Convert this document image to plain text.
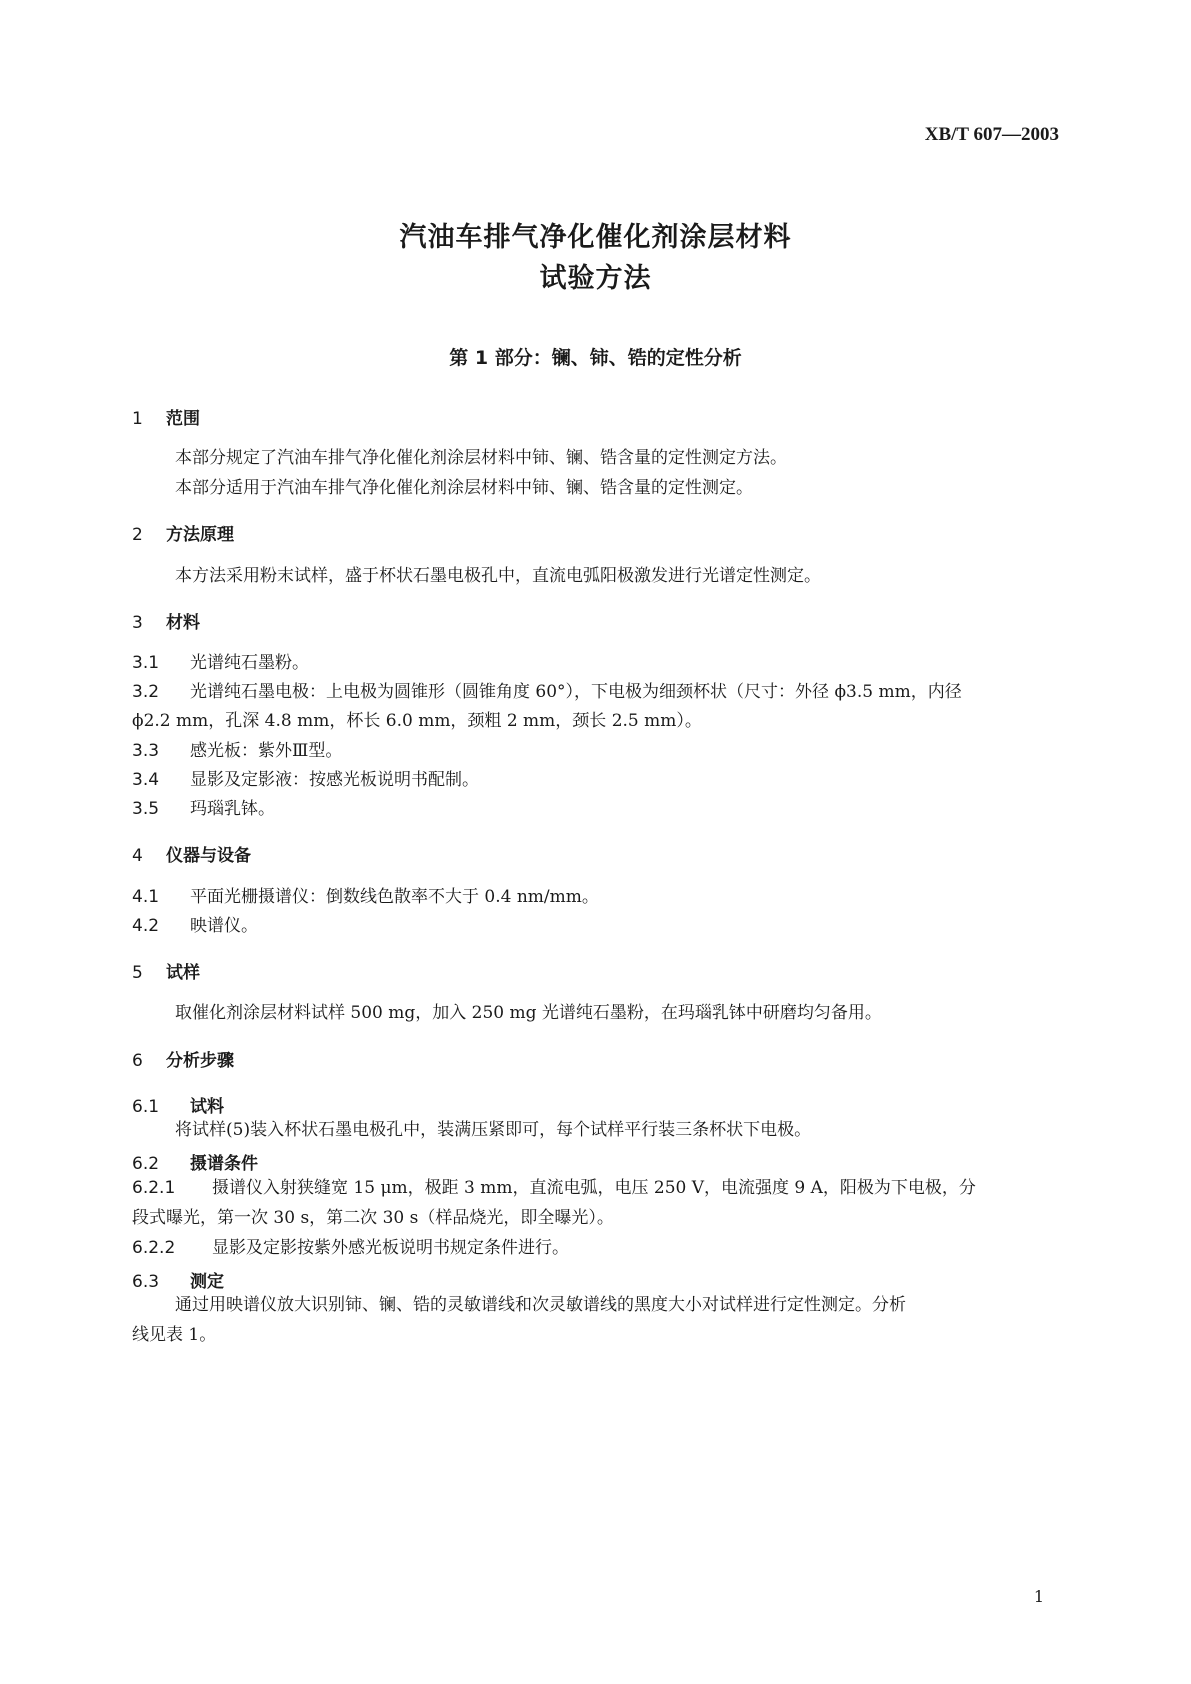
XB/T 607—2003
汽油车排气净化催化剂涂层材料
试验方法
第 1 部分：镧、铈、锆的定性分析
1 范围
本部分规定了汽油车排气净化催化剂涂层材料中铈、镧、锆含量的定性测定方法。
本部分适用于汽油车排气净化催化剂涂层材料中铈、镧、锆含量的定性测定。
2 方法原理
本方法采用粉末试样，盛于杯状石墨电极孔中，直流电弧阳极激发进行光谱定性测定。
3 材料
3.1 光谱纯石墨粉。
3.2 光谱纯石墨电极：上电极为圆锥形（圆锥角度 60°），下电极为细颈杯状（尺寸：外径 ϕ3.5 mm，内径
ϕ2.2 mm，孔深 4.8 mm，杯长 6.0 mm，颈粗 2 mm，颈长 2.5 mm）。
3.3 感光板：紫外Ⅲ型。
3.4 显影及定影液：按感光板说明书配制。
3.5 玛瑙乳钵。
4 仪器与设备
4.1 平面光栅摄谱仪：倒数线色散率不大于 0.4 nm/mm。
4.2 映谱仪。
5 试样
取催化剂涂层材料试样 500 mg，加入 250 mg 光谱纯石墨粉，在玛瑙乳钵中研磨均匀备用。
6 分析步骤
6.1 试料
将试样(5)装入杯状石墨电极孔中，装满压紧即可，每个试样平行装三条杯状下电极。
6.2 摄谱条件
6.2.1 摄谱仪入射狭缝宽 15 μm，极距 3 mm，直流电弧，电压 250 V，电流强度 9 A，阳极为下电极，分
段式曝光，第一次 30 s，第二次 30 s（样品烧光，即全曝光）。
6.2.2 显影及定影按紫外感光板说明书规定条件进行。
6.3 测定
通过用映谱仪放大识别铈、镧、锆的灵敏谱线和次灵敏谱线的黑度大小对试样进行定性测定。分析
线见表 1。
1
